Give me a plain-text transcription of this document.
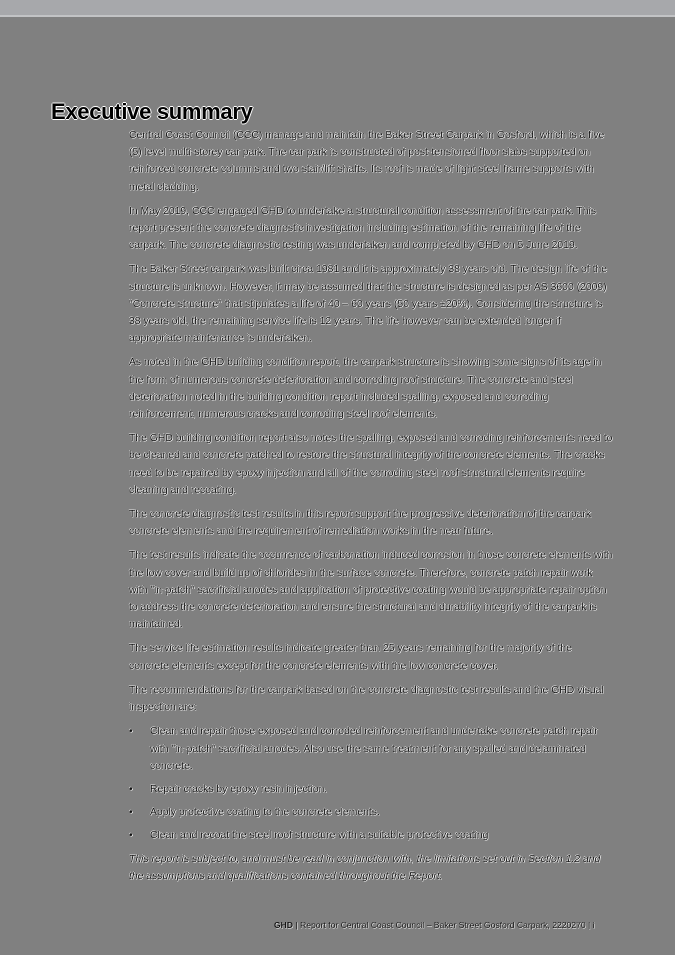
Executive summary

Central Coast Council (CCC) manage and maintain the Baker Street Carpark in Gosford, which is a five (5) level multi-storey car park. The car park is constructed of post-tensioned floor slabs supported on reinforced concrete columns and two stair/lift shafts. Its roof is made of light steel frame supports with metal cladding.

In May 2019, CCC engaged GHD to undertake a structural condition assessment of the car park. This report present the concrete diagnostic investigation including estimation of the remaining life of the carpark. The concrete diagnostic testing was undertaken and completed by GHD on 5 June 2019.

The Baker Street carpark was built circa 1981 and it is approximately 38 years old. The design life of the structure is unknown. However, it may be assumed that the structure is designed as per AS 3600 (2009) "Concrete structure" that stipulates a life of 40 – 60 years (50 years ±20%). Considering the structure is 38 years old, the remaining service life is 12 years. The life however can be extended longer if appropriate maintenance is undertaken.

As noted in the GHD building condition report, the carpark structure is showing some signs of its age in the form of numerous concrete deterioration and corroding roof structure. The concrete and steel deterioration noted in the building condition report included spalling, exposed and corroding reinforcement, numerous cracks and corroding steel roof elements.

The GHD building condition report also notes the spalling, exposed and corroding reinforcements need to be cleaned and concrete patched to restore the structural integrity of the concrete elements. The cracks need to be repaired by epoxy injection and all of the corroding steel roof structural elements require cleaning and recoating.

The concrete diagnostic test results in this report support the progressive deterioration of the carpark concrete elements and the requirement of remediation works in the near future.

The test results indicate the occurrence of carbonation induced corrosion in those concrete elements with the low cover and build up of chlorides in the surface concrete. Therefore, concrete patch repair work with "in-patch" sacrificial anodes and application of protective coating would be appropriate repair option to address the concrete deterioration and ensure the structural and durability integrity of the carpark is maintained.

The service life estimation results indicate greater than 25 years remaining for the majority of the concrete elements except for the concrete elements with the low concrete cover.

The recommendations for the carpark based on the concrete diagnostic test results and the GHD visual inspection are:

•	Clean and repair those exposed and corroded reinforcement and undertake concrete patch repair with "in-patch" sacrificial anodes. Also use the same treatment for any spalled and delaminated concrete.
•	Repair cracks by epoxy resin injection.
•	Apply protective coating to the concrete elements.
•	Clean and recoat the steel roof structure with a suitable protective coating

This report is subject to, and must be read in conjunction with, the limitations set out in Section 1.2 and the assumptions and qualifications contained throughout the Report.

GHD | Report for Central Coast Council – Baker Street Gosford Carpark, 2220270 | i
